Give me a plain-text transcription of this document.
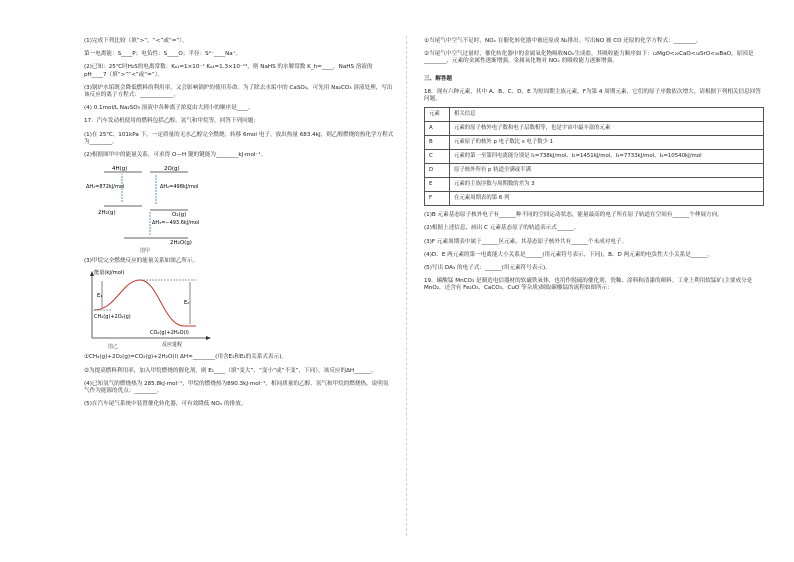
(1)完成下列比较（填“>”、“<”或“=”）。

第一电离能：S____P；电负性：S____O；半径：S²⁻____Na⁺。

(2)已知：25℃时H₂S的电离常数：Kₐ₁=1×10⁻⁷ Kₐ₂=1.3×10⁻¹³，则 NaHS 的水解常数 K_h=____，NaHS 溶液的pH____7（填“>”“<”或“=”）。

(3)锅炉水垢既会降低燃料的利用率，又会影响锅炉的使用寿命。为了除去水垢中的 CaSO₄，可先用 Na₂CO₃ 溶液处理，写出该反应的离子方程式：____________。

(4) 0.1mol/L Na₂SO₃ 溶液中各种离子浓度由大到小的顺序是____。

17．汽车发动机使用的燃料包括乙醇、氢气和甲烷等。回答下列问题：

(1)在 25℃、101kPa 下，一定质量的无水乙醇完全燃烧，转移 6mol 电子，放出热量 683.4kJ，则乙醇燃烧的热化学方程式为________。

(2)根据图甲中的能量关系，可求得 O—H 键的键能为________kJ·mol⁻¹。

4H(g)	2O(g)
ΔH₁=872kJ/mol	ΔH₂=498kJ/mol
2H₂(g)	O₂(g)
ΔH₃=−493.6kJ/mol
2H₂O(g)
图甲

(3)甲烷完全燃烧反应的能量关系如图乙所示。

能量(kJ/mol)
E₁
E₂
CH₄(g)+2O₂(g)
CO₂(g)+2H₂O(l)
反应进程
图乙

①CH₄(g)+2O₂(g)=CO₂(g)+2H₂O(l) ΔH=________(用含E₁和E₂的关系式表示)。

②为提高燃料利用率，加入甲烷燃烧的催化剂，则 E₁____（填“变大”、“变小”或“不变”，下同），该反应的ΔH______。

(4)已知氢气的燃烧热为 285.8kJ·mol⁻¹，甲烷的燃烧热为890.3kJ·mol⁻¹，相同质量的乙醇、氢气和甲烷的燃烧热，说明氢气作为能源的优点：________。

(5)在汽车尾气系统中装置催化转化器，可有效降低 NOₓ 的排放。

①当尾气中空气不足时，NOₓ 在催化转化器中被还原成 N₂排出。写出NO 被 CO 还原的化学方程式：________。

②当尾气中空气过量时，催化转化器中的金属氧化物吸收NOₓ生成盐。其吸收能力顺序如下：₁₂MgO<₂₀CaO<₃₈SrO<₅₆BaO。原因是________，元素的金属性逐渐增强，金属氧化物对 NOₓ 的吸收能力逐渐增强。

三、解答题

18．现有六种元素，其中 A、B、C、D、E 为短周期主族元素，F为第 4 周期元素，它们的原子序数依次增大。请根据下列相关信息回答问题。

元素	相关信息
A	元素的原子核外电子数和电子层数相等，也是宇宙中最丰富的元素
B	元素原子的核外 p 电子数比 s 电子数少 1
C	元素的第一至第四电离能分别是 I₁=738kJ/mol、I₂=1451kJ/mol、I₃=7733kJ/mol、I₄=10540kJ/mol
D	原子核外所有 p 轨道全满或半满
E	元素的主族序数与周期数的差为 3
F	在元素周期表的第 6 列

(1)B 元素基态原子核外电子有______种不同的空间运动状态，能量最高的电子所在原子轨道在空间有______个伸展方向。

(2)根据上述信息，画出 C 元素基态原子的轨道表示式______。

(3)F 元素周期表中属于______区元素，其基态原子核外共有______个未成对电子。

(4)D、E 两元素的第一电离能大小关系是______(用元素符号表示，下同)，B、D 两元素的电负性大小关系是______。

(5)写出 DA₃ 的电子式：______(用元素符号表示)。

19．碳酸锰 MnCO₃ 是制造电信器材的软磁铁氧体，也用作脱硫的催化剂，瓷釉、涂料和清漆的颜料。工业上利用软锰矿(主要成分是 MnO₂，还含有 Fe₂O₃、CaCO₃、CuO 等杂质)制取碳酸锰的流程如图所示：
